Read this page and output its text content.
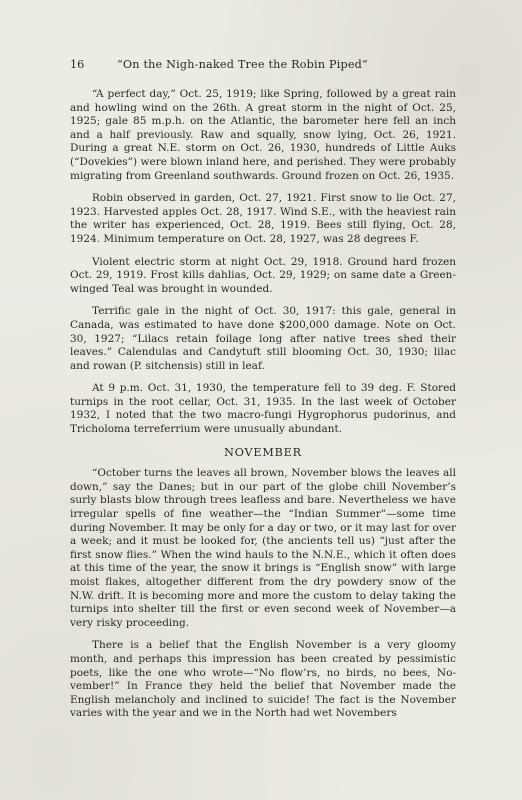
16	“On the Nigh-naked Tree the Robin Piped”

“A perfect day,” Oct. 25, 1919; like Spring, followed by a great rain and howling wind on the 26th. A great storm in the night of Oct. 25, 1925; gale 85 m.p.h. on the Atlantic, the barometer here fell an inch and a half previously. Raw and squally, snow lying, Oct. 26, 1921. During a great N.E. storm on Oct. 26, 1930, hundreds of Little Auks (“Dovekies”) were blown inland here, and perished. They were probably migrating from Greenland southwards. Ground frozen on Oct. 26, 1935.

Robin observed in garden, Oct. 27, 1921. First snow to lie Oct. 27, 1923. Harvested apples Oct. 28, 1917. Wind S.E., with the heaviest rain the writer has experienced, Oct. 28, 1919. Bees still flying, Oct. 28, 1924. Minimum temperature on Oct. 28, 1927, was 28 degrees F.

Violent electric storm at night Oct. 29, 1918. Ground hard frozen Oct. 29, 1919. Frost kills dahlias, Oct. 29, 1929; on same date a Green-winged Teal was brought in wounded.

Terrific gale in the night of Oct. 30, 1917: this gale, general in Canada, was estimated to have done $200,000 damage. Note on Oct. 30, 1927; “Lilacs retain foilage long after native trees shed their leaves.” Calendulas and Candytuft still blooming Oct. 30, 1930; lilac and rowan (P. sitchensis) still in leaf.

At 9 p.m. Oct. 31, 1930, the temperature fell to 39 deg. F. Stored turnips in the root cellar, Oct. 31, 1935. In the last week of October 1932, I noted that the two macro-fungi Hygrophorus pudorinus, and Tricholoma terreferrium were unusually abundant.

NOVEMBER

“October turns the leaves all brown, November blows the leaves all down,” say the Danes; but in our part of the globe chill November’s surly blasts blow through trees leafless and bare. Nevertheless we have irregular spells of fine weather—the “Indian Summer”—some time during November. It may be only for a day or two, or it may last for over a week; and it must be looked for, (the ancients tell us) “just after the first snow flies.” When the wind hauls to the N.N.E., which it often does at this time of the year, the snow it brings is “English snow” with large moist flakes, altogether different from the dry powdery snow of the N.W. drift. It is becoming more and more the custom to delay taking the turnips into shelter till the first or even second week of November—a very risky proceeding.

There is a belief that the English November is a very gloomy month, and perhaps this impression has been created by pessimistic poets, like the one who wrote—“No flow’rs, no birds, no bees, No-vember!” In France they held the belief that November made the English melancholy and inclined to suicide! The fact is the November varies with the year and we in the North had wet Novembers
